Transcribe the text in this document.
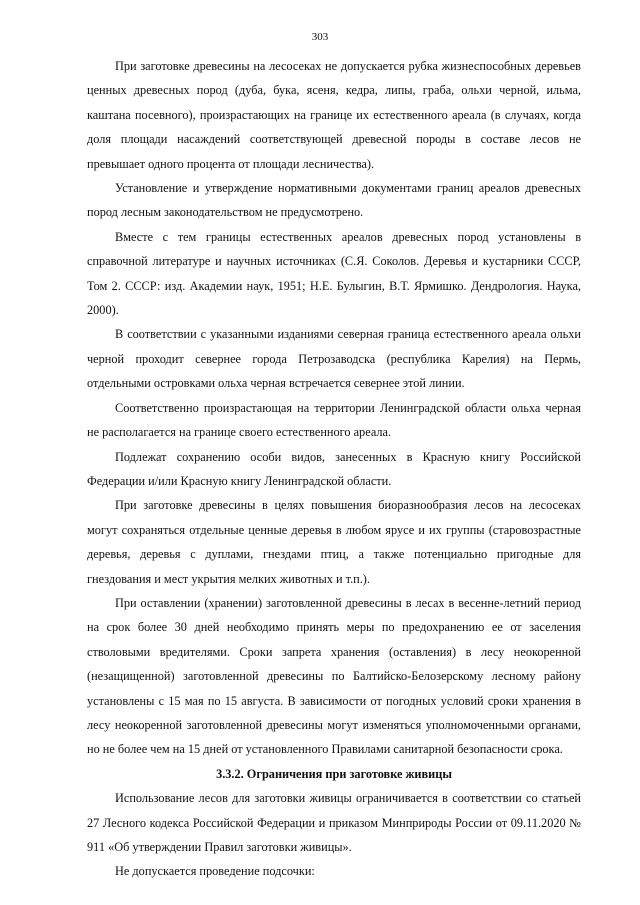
303

При заготовке древесины на лесосеках не допускается рубка жизнеспособных деревьев ценных древесных пород (дуба, бука, ясеня, кедра, липы, граба, ольхи черной, ильма, каштана посевного), произрастающих на границе их естественного ареала (в случаях, когда доля площади насаждений соответствующей древесной породы в составе лесов не превышает одного процента от площади лесничества).

Установление и утверждение нормативными документами границ ареалов древесных пород лесным законодательством не предусмотрено.

Вместе с тем границы естественных ареалов древесных пород установлены в справочной литературе и научных источниках (С.Я. Соколов. Деревья и кустарники СССР, Том 2. СССР: изд. Академии наук, 1951; Н.Е. Булыгин, В.Т. Ярмишко. Дендрология. Наука, 2000).

В соответствии с указанными изданиями северная граница естественного ареала ольхи черной проходит севернее города Петрозаводска (республика Карелия) на Пермь, отдельными островками ольха черная встречается севернее этой линии.

Соответственно произрастающая на территории Ленинградской области ольха черная не располагается на границе своего естественного ареала.

Подлежат сохранению особи видов, занесенных в Красную книгу Российской Федерации и/или Красную книгу Ленинградской области.

При заготовке древесины в целях повышения биоразнообразия лесов на лесосеках могут сохраняться отдельные ценные деревья в любом ярусе и их группы (старовозрастные деревья, деревья с дуплами, гнездами птиц, а также потенциально пригодные для гнездования и мест укрытия мелких животных и т.п.).

При оставлении (хранении) заготовленной древесины в лесах в весенне-летний период на срок более 30 дней необходимо принять меры по предохранению ее от заселения стволовыми вредителями. Сроки запрета хранения (оставления) в лесу неокоренной (незащищенной) заготовленной древесины по Балтийско-Белозерскому лесному району установлены с 15 мая по 15 августа. В зависимости от погодных условий сроки хранения в лесу неокоренной заготовленной древесины могут изменяться уполномоченными органами, но не более чем на 15 дней от установленного Правилами санитарной безопасности срока.

3.3.2. Ограничения при заготовке живицы

Использование лесов для заготовки живицы ограничивается в соответствии со статьей 27 Лесного кодекса Российской Федерации и приказом Минприроды России от 09.11.2020 № 911 «Об утверждении Правил заготовки живицы».

Не допускается проведение подсочки:
